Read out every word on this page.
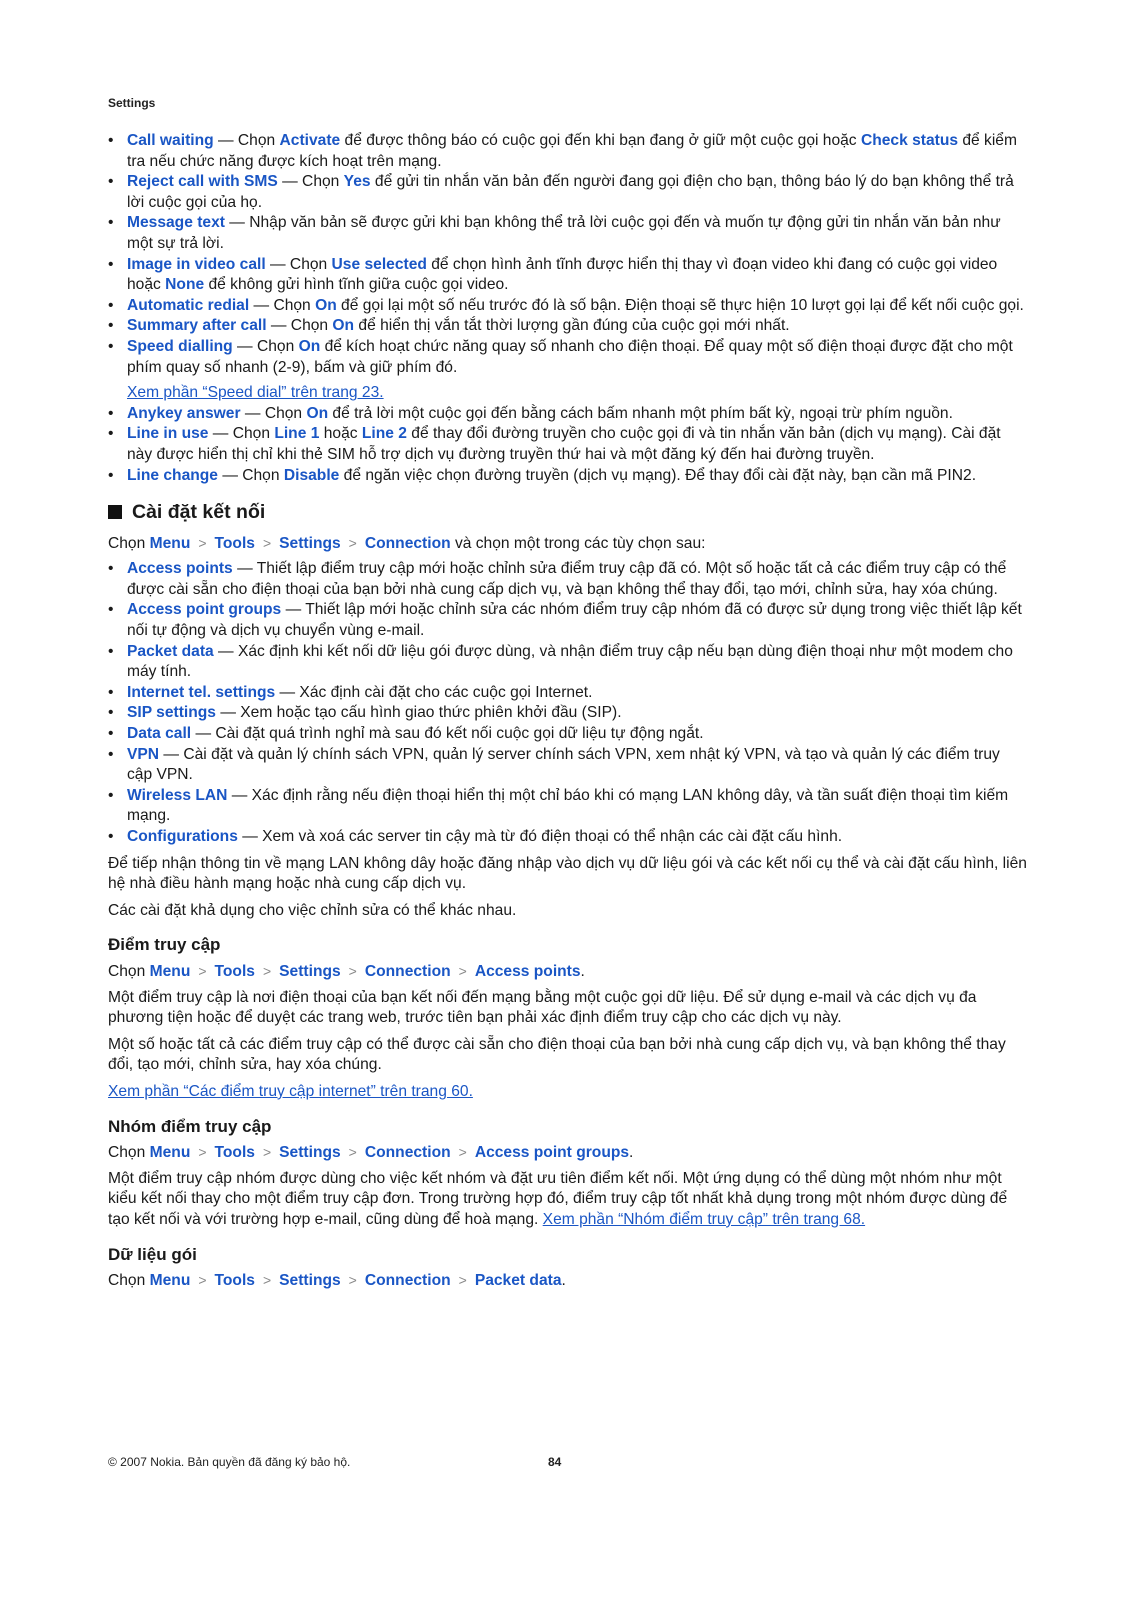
Settings
• Call waiting — Chọn Activate để được thông báo có cuộc gọi đến khi bạn đang ở giữ một cuộc gọi hoặc Check status để kiểm tra nếu chức năng được kích hoạt trên mạng.
• Reject call with SMS — Chọn Yes để gửi tin nhắn văn bản đến người đang gọi điện cho bạn, thông báo lý do bạn không thể trả lời cuộc gọi của họ.
• Message text — Nhập văn bản sẽ được gửi khi bạn không thể trả lời cuộc gọi đến và muốn tự động gửi tin nhắn văn bản như một sự trả lời.
• Image in video call — Chọn Use selected để chọn hình ảnh tĩnh được hiển thị thay vì đoạn video khi đang có cuộc gọi video hoặc None để không gửi hình tĩnh giữa cuộc gọi video.
• Automatic redial — Chọn On để gọi lại một số nếu trước đó là số bận. Điện thoại sẽ thực hiện 10 lượt gọi lại để kết nối cuộc gọi.
• Summary after call — Chọn On để hiển thị vắn tắt thời lượng gần đúng của cuộc gọi mới nhất.
• Speed dialling — Chọn On để kích hoạt chức năng quay số nhanh cho điện thoại. Để quay một số điện thoại được đặt cho một phím quay số nhanh (2-9), bấm và giữ phím đó.
Xem phần “Speed dial” trên trang 23.
• Anykey answer — Chọn On để trả lời một cuộc gọi đến bằng cách bấm nhanh một phím bất kỳ, ngoại trừ phím nguồn.
• Line in use — Chọn Line 1 hoặc Line 2 để thay đổi đường truyền cho cuộc gọi đi và tin nhắn văn bản (dịch vụ mạng). Cài đặt này được hiển thị chỉ khi thẻ SIM hỗ trợ dịch vụ đường truyền thứ hai và một đăng ký đến hai đường truyền.
• Line change — Chọn Disable để ngăn việc chọn đường truyền (dịch vụ mạng). Để thay đổi cài đặt này, bạn cần mã PIN2.
Cài đặt kết nối
Chọn Menu > Tools > Settings > Connection và chọn một trong các tùy chọn sau:
• Access points — Thiết lập điểm truy cập mới hoặc chỉnh sửa điểm truy cập đã có. Một số hoặc tất cả các điểm truy cập có thể được cài sẵn cho điện thoại của bạn bởi nhà cung cấp dịch vụ, và bạn không thể thay đổi, tạo mới, chỉnh sửa, hay xóa chúng.
• Access point groups — Thiết lập mới hoặc chỉnh sửa các nhóm điểm truy cập nhóm đã có được sử dụng trong việc thiết lập kết nối tự động và dịch vụ chuyển vùng e-mail.
• Packet data — Xác định khi kết nối dữ liệu gói được dùng, và nhận điểm truy cập nếu bạn dùng điện thoại như một modem cho máy tính.
• Internet tel. settings — Xác định cài đặt cho các cuộc gọi Internet.
• SIP settings — Xem hoặc tạo cấu hình giao thức phiên khởi đầu (SIP).
• Data call — Cài đặt quá trình nghỉ mà sau đó kết nối cuộc gọi dữ liệu tự động ngắt.
• VPN — Cài đặt và quản lý chính sách VPN, quản lý server chính sách VPN, xem nhật ký VPN, và tạo và quản lý các điểm truy cập VPN.
• Wireless LAN — Xác định rằng nếu điện thoại hiển thị một chỉ báo khi có mạng LAN không dây, và tần suất điện thoại tìm kiếm mạng.
• Configurations — Xem và xoá các server tin cậy mà từ đó điện thoại có thể nhận các cài đặt cấu hình.

Để tiếp nhận thông tin về mạng LAN không dây hoặc đăng nhập vào dịch vụ dữ liệu gói và các kết nối cụ thể và cài đặt cấu hình, liên hệ nhà điều hành mạng hoặc nhà cung cấp dịch vụ.

Các cài đặt khả dụng cho việc chỉnh sửa có thể khác nhau.

Điểm truy cập
Chọn Menu > Tools > Settings > Connection > Access points.

Một điểm truy cập là nơi điện thoại của bạn kết nối đến mạng bằng một cuộc gọi dữ liệu. Để sử dụng e-mail và các dịch vụ đa phương tiện hoặc để duyệt các trang web, trước tiên bạn phải xác định điểm truy cập cho các dịch vụ này.

Một số hoặc tất cả các điểm truy cập có thể được cài sẵn cho điện thoại của bạn bởi nhà cung cấp dịch vụ, và bạn không thể thay đổi, tạo mới, chỉnh sửa, hay xóa chúng.

Xem phần “Các điểm truy cập internet” trên trang 60.

Nhóm điểm truy cập
Chọn Menu > Tools > Settings > Connection > Access point groups.

Một điểm truy cập nhóm được dùng cho việc kết nhóm và đặt ưu tiên điểm kết nối. Một ứng dụng có thể dùng một nhóm như một kiểu kết nối thay cho một điểm truy cập đơn. Trong trường hợp đó, điểm truy cập tốt nhất khả dụng trong một nhóm được dùng để tạo kết nối và với trường hợp e-mail, cũng dùng để hoà mạng. Xem phần “Nhóm điểm truy cập” trên trang 68.

Dữ liệu gói
Chọn Menu > Tools > Settings > Connection > Packet data.
© 2007 Nokia. Bản quyền đã đăng ký bảo hộ.	84
